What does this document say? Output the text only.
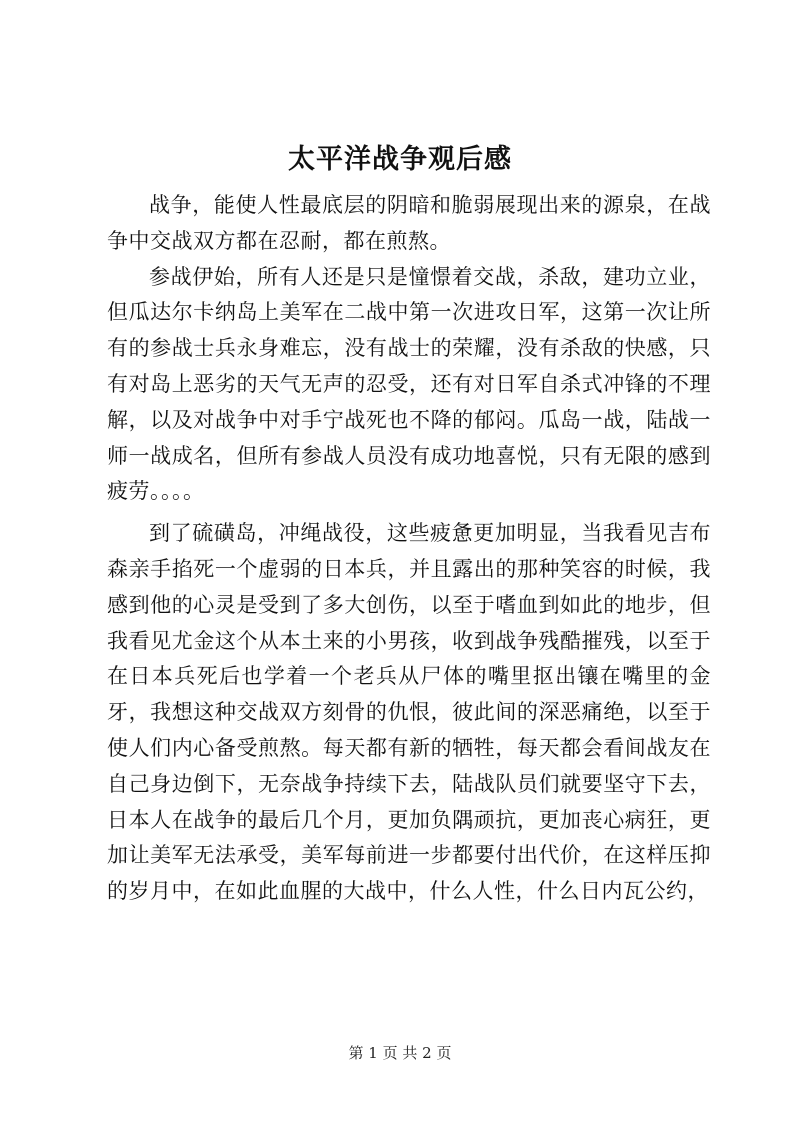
太平洋战争观后感

战争，能使人性最底层的阴暗和脆弱展现出来的源泉，在战争中交战双方都在忍耐，都在煎熬。

参战伊始，所有人还是只是憧憬着交战，杀敌，建功立业，但瓜达尔卡纳岛上美军在二战中第一次进攻日军，这第一次让所有的参战士兵永身难忘，没有战士的荣耀，没有杀敌的快感，只有对岛上恶劣的天气无声的忍受，还有对日军自杀式冲锋的不理解，以及对战争中对手宁战死也不降的郁闷。瓜岛一战，陆战一师一战成名，但所有参战人员没有成功地喜悦，只有无限的感到疲劳。。。。

到了硫磺岛，冲绳战役，这些疲惫更加明显，当我看见吉布森亲手掐死一个虚弱的日本兵，并且露出的那种笑容的时候，我感到他的心灵是受到了多大创伤，以至于嗜血到如此的地步，但我看见尤金这个从本土来的小男孩，收到战争残酷摧残，以至于在日本兵死后也学着一个老兵从尸体的嘴里抠出镶在嘴里的金牙，我想这种交战双方刻骨的仇恨，彼此间的深恶痛绝，以至于使人们内心备受煎熬。每天都有新的牺牲，每天都会看间战友在自己身边倒下，无奈战争持续下去，陆战队员们就要坚守下去，日本人在战争的最后几个月，更加负隅顽抗，更加丧心病狂，更加让美军无法承受，美军每前进一步都要付出代价，在这样压抑的岁月中，在如此血腥的大战中，什么人性，什么日内瓦公约，

第 1 页 共 2 页
